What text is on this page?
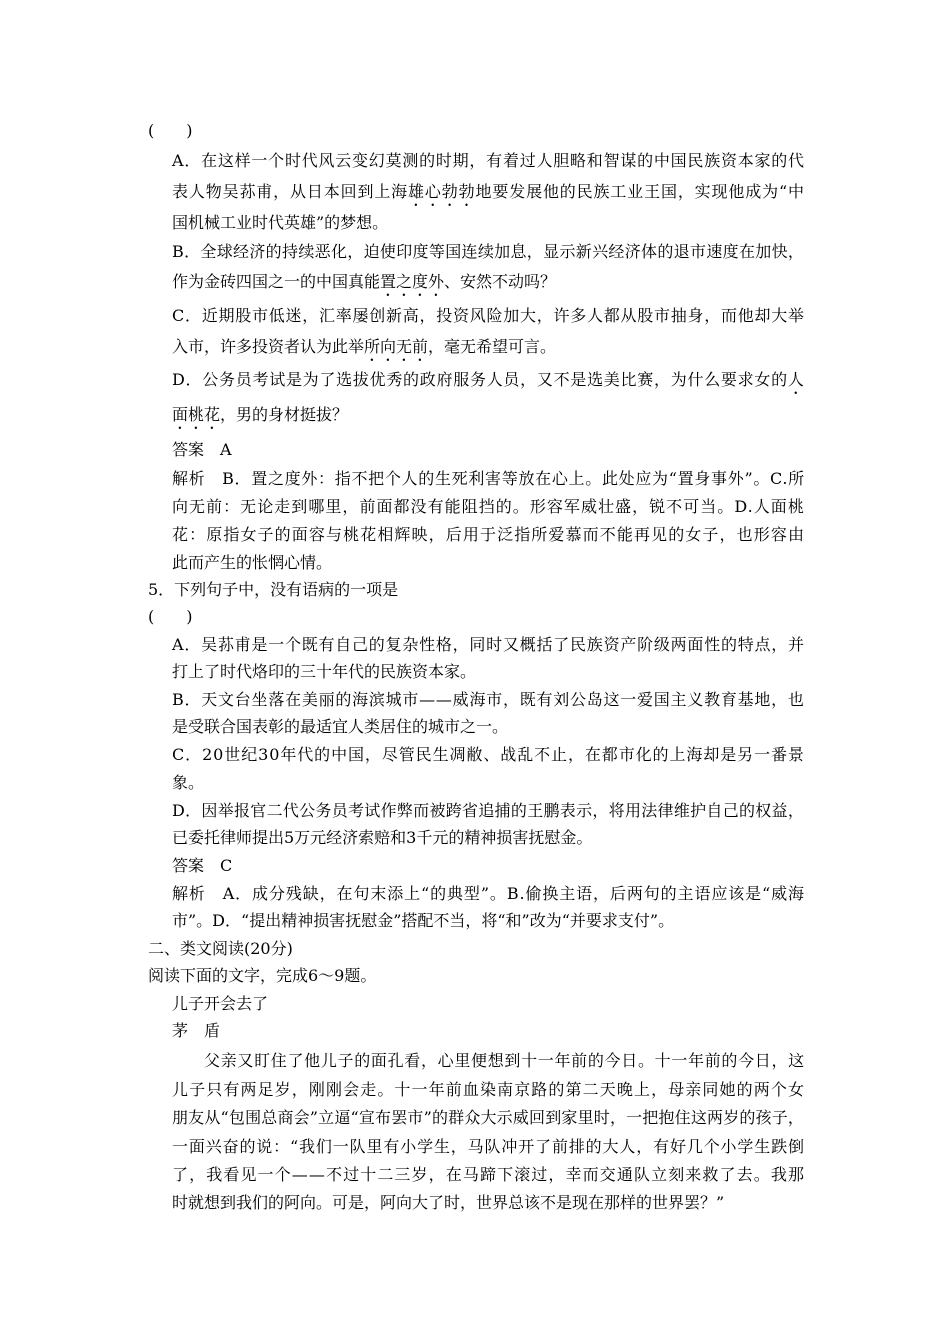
(　　)
A．在这样一个时代风云变幻莫测的时期，有着过人胆略和智谋的中国民族资本家的代
表人物吴荪甫，从日本回到上海雄心勃勃地要发展他的民族工业王国，实现他成为“中
国机械工业时代英雄”的梦想。
B．全球经济的持续恶化，迫使印度等国连续加息，显示新兴经济体的退市速度在加快，
作为金砖四国之一的中国真能置之度外、安然不动吗？
C．近期股市低迷，汇率屡创新高，投资风险加大，许多人都从股市抽身，而他却大举
入市，许多投资者认为此举所向无前，毫无希望可言。
D．公务员考试是为了选拔优秀的政府服务人员，又不是选美比赛，为什么要求女的人
面桃花，男的身材挺拔？
答案　A
解析　B．置之度外：指不把个人的生死利害等放在心上。此处应为“置身事外”。C.所
向无前：无论走到哪里，前面都没有能阻挡的。形容军威壮盛，锐不可当。D.人面桃
花：原指女子的面容与桃花相辉映，后用于泛指所爱慕而不能再见的女子，也形容由
此而产生的怅惘心情。
5．下列句子中，没有语病的一项是
(　　)
A．吴荪甫是一个既有自己的复杂性格，同时又概括了民族资产阶级两面性的特点，并
打上了时代烙印的三十年代的民族资本家。
B．天文台坐落在美丽的海滨城市——威海市，既有刘公岛这一爱国主义教育基地，也
是受联合国表彰的最适宜人类居住的城市之一。
C．20世纪30年代的中国，尽管民生凋敝、战乱不止，在都市化的上海却是另一番景
象。
D．因举报官二代公务员考试作弊而被跨省追捕的王鹏表示，将用法律维护自己的权益，
已委托律师提出5万元经济索赔和3千元的精神损害抚慰金。
答案　C
解析　A．成分残缺，在句末添上“的典型”。B.偷换主语，后两句的主语应该是“威海
市”。D．“提出精神损害抚慰金”搭配不当，将“和”改为“并要求支付”。
二、类文阅读(20分)
阅读下面的文字，完成6～9题。
儿子开会去了
茅　盾
父亲又盯住了他儿子的面孔看，心里便想到十一年前的今日。十一年前的今日，这
儿子只有两足岁，刚刚会走。十一年前血染南京路的第二天晚上，母亲同她的两个女
朋友从“包围总商会”立逼“宣布罢市”的群众大示威回到家里时，一把抱住这两岁的孩子，
一面兴奋的说：“我们一队里有小学生，马队冲开了前排的大人，有好几个小学生跌倒
了，我看见一个——不过十二三岁，在马蹄下滚过，幸而交通队立刻来救了去。我那
时就想到我们的阿向。可是，阿向大了时，世界总该不是现在那样的世界罢？”
